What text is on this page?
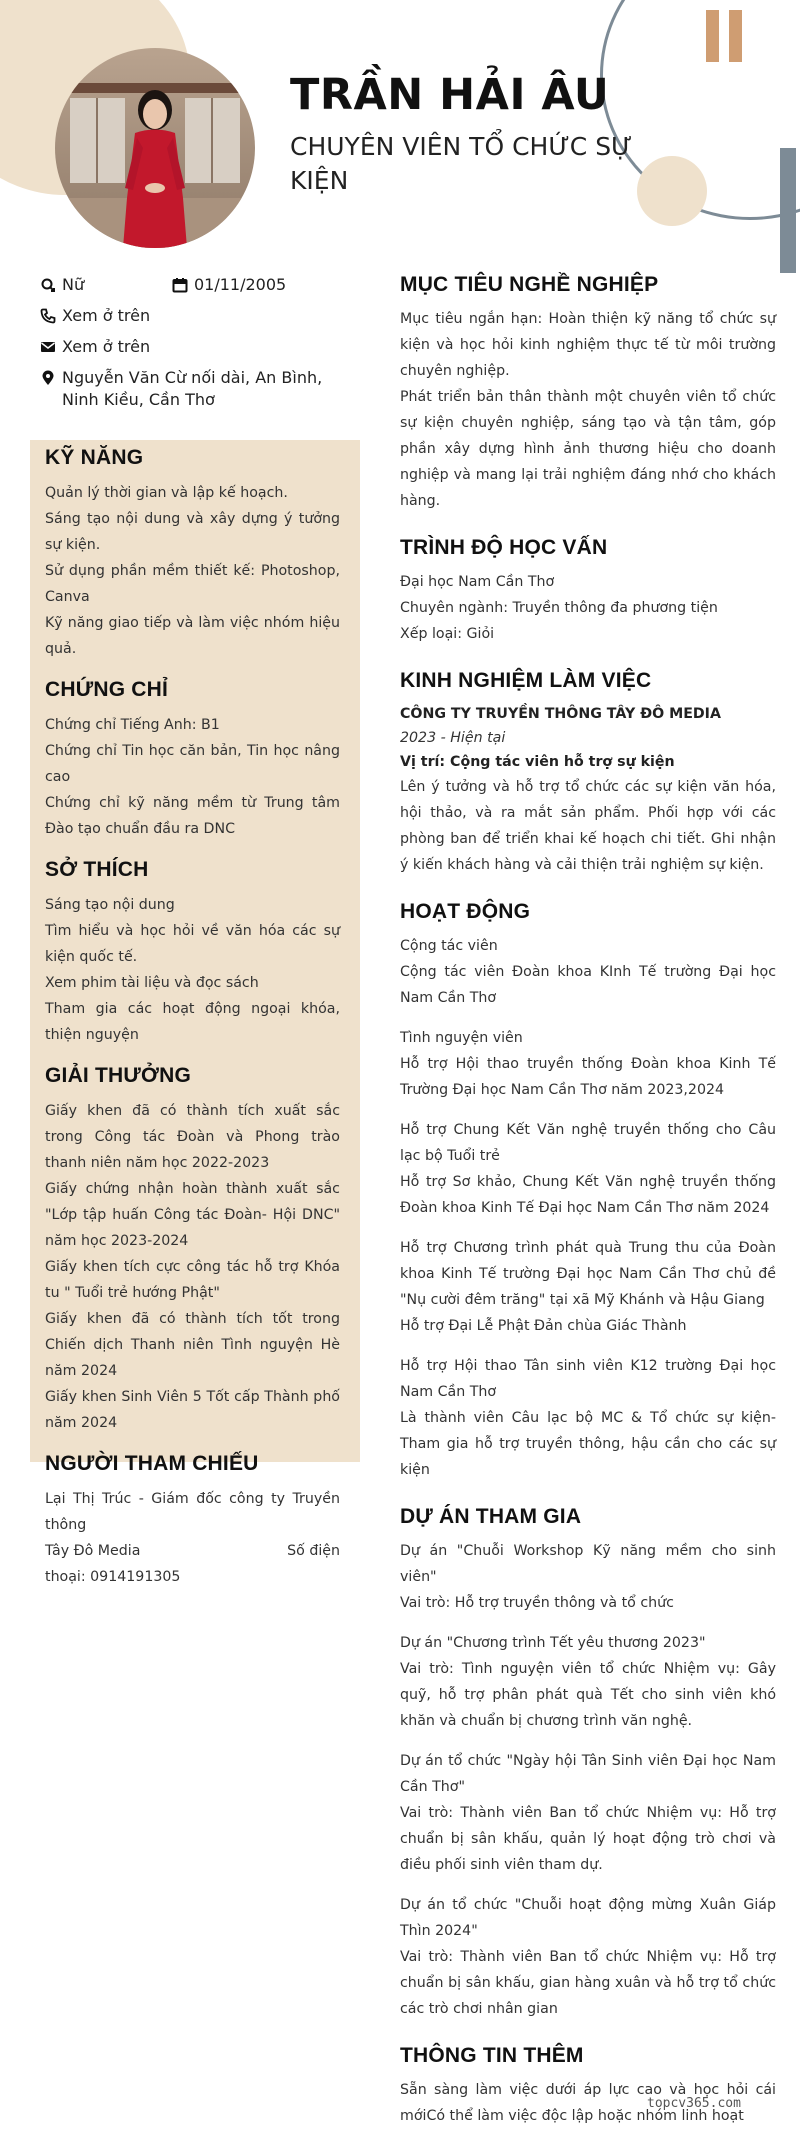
TRẦN HẢI ÂU
CHUYÊN VIÊN TỔ CHỨC SỰ KIỆN
Nữ	01/11/2005
Xem ở trên
Xem ở trên
Nguyễn Văn Cừ nối dài, An Bình, Ninh Kiều, Cần Thơ
KỸ NĂNG

Quản lý thời gian và lập kế hoạch.

Sáng tạo nội dung và xây dựng ý tưởng sự kiện.

Sử dụng phần mềm thiết kế: Photoshop, Canva

Kỹ năng giao tiếp và làm việc nhóm hiệu quả.

CHỨNG CHỈ

Chứng chỉ Tiếng Anh: B1

Chứng chỉ Tin học căn bản, Tin học nâng cao

Chứng chỉ kỹ năng mềm từ Trung tâm Đào tạo chuẩn đầu ra DNC

SỞ THÍCH

Sáng tạo nội dung

Tìm hiểu và học hỏi về văn hóa các sự kiện quốc tế.

Xem phim tài liệu và đọc sách

Tham gia các hoạt động ngoại khóa, thiện nguyện

GIẢI THƯỞNG

Giấy khen đã có thành tích xuất sắc trong Công tác Đoàn và Phong trào thanh niên năm học 2022-2023

Giấy chứng nhận hoàn thành xuất sắc "Lớp tập huấn Công tác Đoàn- Hội DNC" năm học 2023-2024

Giấy khen tích cực công tác hỗ trợ Khóa tu " Tuổi trẻ hướng Phật"

Giấy khen đã có thành tích tốt trong Chiến dịch Thanh niên Tình nguyện Hè năm 2024

Giấy khen Sinh Viên 5 Tốt cấp Thành phố năm 2024

NGƯỜI THAM CHIẾU

Lại Thị Trúc - Giám đốc công ty Truyền thông

Tây Đô Media	Số điện

thoại: 0914191305

MỤC TIÊU NGHỀ NGHIỆP

Mục tiêu ngắn hạn: Hoàn thiện kỹ năng tổ chức sự kiện và học hỏi kinh nghiệm thực tế từ môi trường chuyên nghiệp.

Phát triển bản thân thành một chuyên viên tổ chức sự kiện chuyên nghiệp, sáng tạo và tận tâm, góp phần xây dựng hình ảnh thương hiệu cho doanh nghiệp và mang lại trải nghiệm đáng nhớ cho khách hàng.

TRÌNH ĐỘ HỌC VẤN

Đại học Nam Cần Thơ

Chuyên ngành: Truyền thông đa phương tiện

Xếp loại: Giỏi

KINH NGHIỆM LÀM VIỆC
CÔNG TY TRUYỀN THÔNG TÂY ĐÔ MEDIA
2023 - Hiện tại
Vị trí: Cộng tác viên hỗ trợ sự kiện

Lên ý tưởng và hỗ trợ tổ chức các sự kiện văn hóa, hội thảo, và ra mắt sản phẩm. Phối hợp với các phòng ban để triển khai kế hoạch chi tiết. Ghi nhận ý kiến khách hàng và cải thiện trải nghiệm sự kiện.

HOẠT ĐỘNG

Cộng tác viên

Cộng tác viên Đoàn khoa KInh Tế trường Đại học Nam Cần Thơ

Tình nguyện viên

Hỗ trợ Hội thao truyền thống Đoàn khoa Kinh Tế Trường Đại học Nam Cần Thơ năm 2023,2024

Hỗ trợ Chung Kết Văn nghệ truyền thống cho Câu lạc bộ Tuổi trẻ

Hỗ trợ Sơ khảo, Chung Kết Văn nghệ truyền thống Đoàn khoa Kinh Tế Đại học Nam Cần Thơ năm 2024

Hỗ trợ Chương trình phát quà Trung thu của Đoàn khoa Kinh Tế trường Đại học Nam Cần Thơ chủ đề "Nụ cười đêm trăng" tại xã Mỹ Khánh và Hậu Giang

Hỗ trợ Đại Lễ Phật Đản chùa Giác Thành

Hỗ trợ Hội thao Tân sinh viên K12 trường Đại học Nam Cần Thơ

Là thành viên Câu lạc bộ MC & Tổ chức sự kiện- Tham gia hỗ trợ truyền thông, hậu cần cho các sự kiện

DỰ ÁN THAM GIA

Dự án "Chuỗi Workshop Kỹ năng mềm cho sinh viên"

Vai trò: Hỗ trợ truyền thông và tổ chức

Dự án "Chương trình Tết yêu thương 2023"

Vai trò: Tình nguyện viên tổ chức Nhiệm vụ: Gây quỹ, hỗ trợ phân phát quà Tết cho sinh viên khó khăn và chuẩn bị chương trình văn nghệ.

Dự án tổ chức "Ngày hội Tân Sinh viên Đại học Nam Cần Thơ"

Vai trò: Thành viên Ban tổ chức Nhiệm vụ: Hỗ trợ chuẩn bị sân khấu, quản lý hoạt động trò chơi và điều phối sinh viên tham dự.

Dự án tổ chức "Chuỗi hoạt động mừng Xuân Giáp Thìn 2024"

Vai trò: Thành viên Ban tổ chức Nhiệm vụ: Hỗ trợ chuẩn bị sân khấu, gian hàng xuân và hỗ trợ tổ chức các trò chơi nhân gian

THÔNG TIN THÊM

Sẵn sàng làm việc dưới áp lực cao và học hỏi cái mớiCó thể làm việc độc lập hoặc nhóm linh hoạt

topcv365.com
